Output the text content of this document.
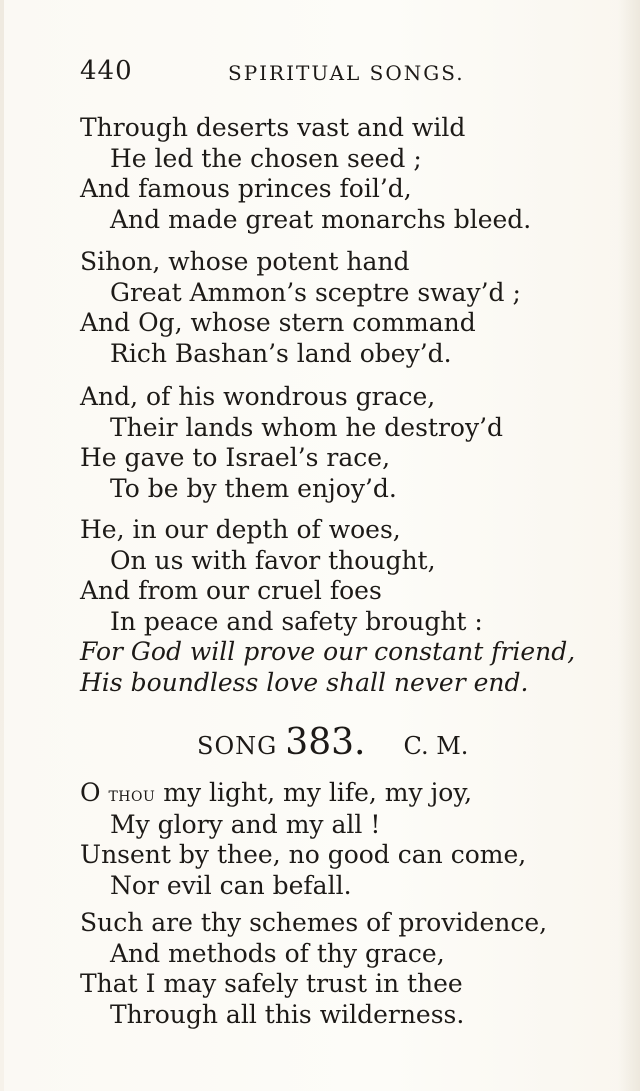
440	SPIRITUAL SONGS.
Through deserts vast and wild
He led the chosen seed ;
And famous princes foil’d,
And made great monarchs bleed.
Sihon, whose potent hand
Great Ammon’s sceptre sway’d ;
And Og, whose stern command
Rich Bashan’s land obey’d.
And, of his wondrous grace,
Their lands whom he destroy’d
He gave to Israel’s race,
To be by them enjoy’d.
He, in our depth of woes,
On us with favor thought,
And from our cruel foes
In peace and safety brought :
For God will prove our constant friend,
His boundless love shall never end.
SONG 383. C. M.
O thou my light, my life, my joy,
My glory and my all !
Unsent by thee, no good can come,
Nor evil can befall.
Such are thy schemes of providence,
And methods of thy grace,
That I may safely trust in thee
Through all this wilderness.
